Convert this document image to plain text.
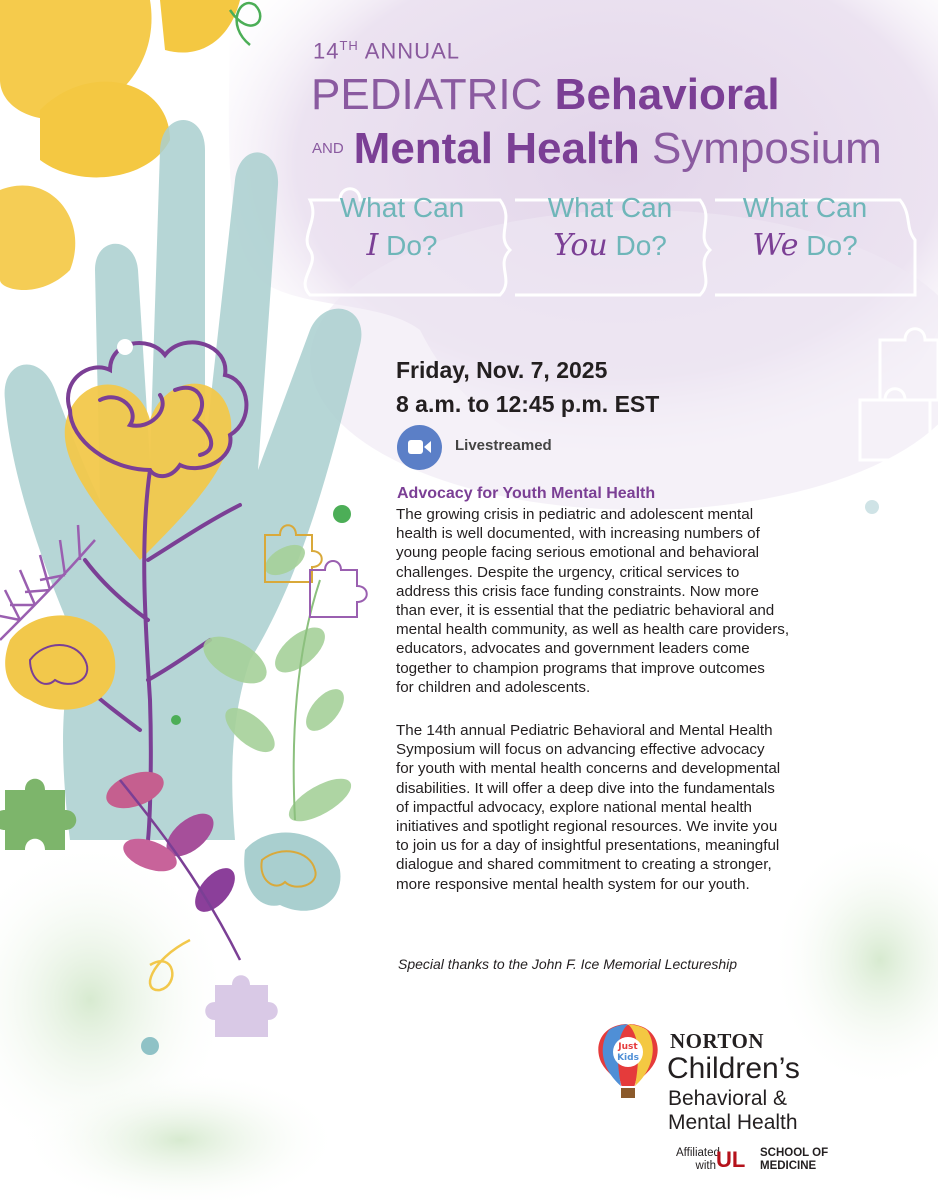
14TH ANNUAL
PEDIATRIC Behavioral
$^{AND}$ Mental Health Symposium
What Can
I Do?
What Can
You Do?
What Can
We Do?
Friday, Nov. 7, 2025
8 a.m. to 12:45 p.m. EST
Livestreamed
Advocacy for Youth Mental Health
The growing crisis in pediatric and adolescent mental
health is well documented, with increasing numbers of
young people facing serious emotional and behavioral
challenges. Despite the urgency, critical services to
address this crisis face funding constraints. Now more
than ever, it is essential that the pediatric behavioral and
mental health community, as well as health care providers,
educators, advocates and government leaders come
together to champion programs that improve outcomes
for children and adolescents.
The 14th annual Pediatric Behavioral and Mental Health
Symposium will focus on advancing effective advocacy
for youth with mental health concerns and developmental
disabilities. It will offer a deep dive into the fundamentals
of impactful advocacy, explore national mental health
initiatives and spotlight regional resources. We invite you
to join us for a day of insightful presentations, meaningful
dialogue and shared commitment to creating a stronger,
more responsive mental health system for our youth.
Special thanks to the John F. Ice Memorial Lectureship
Just
Kids
NORTON
Children’s
Behavioral &
Mental Health
Affiliated
with UL	SCHOOL OF
MEDICINE
